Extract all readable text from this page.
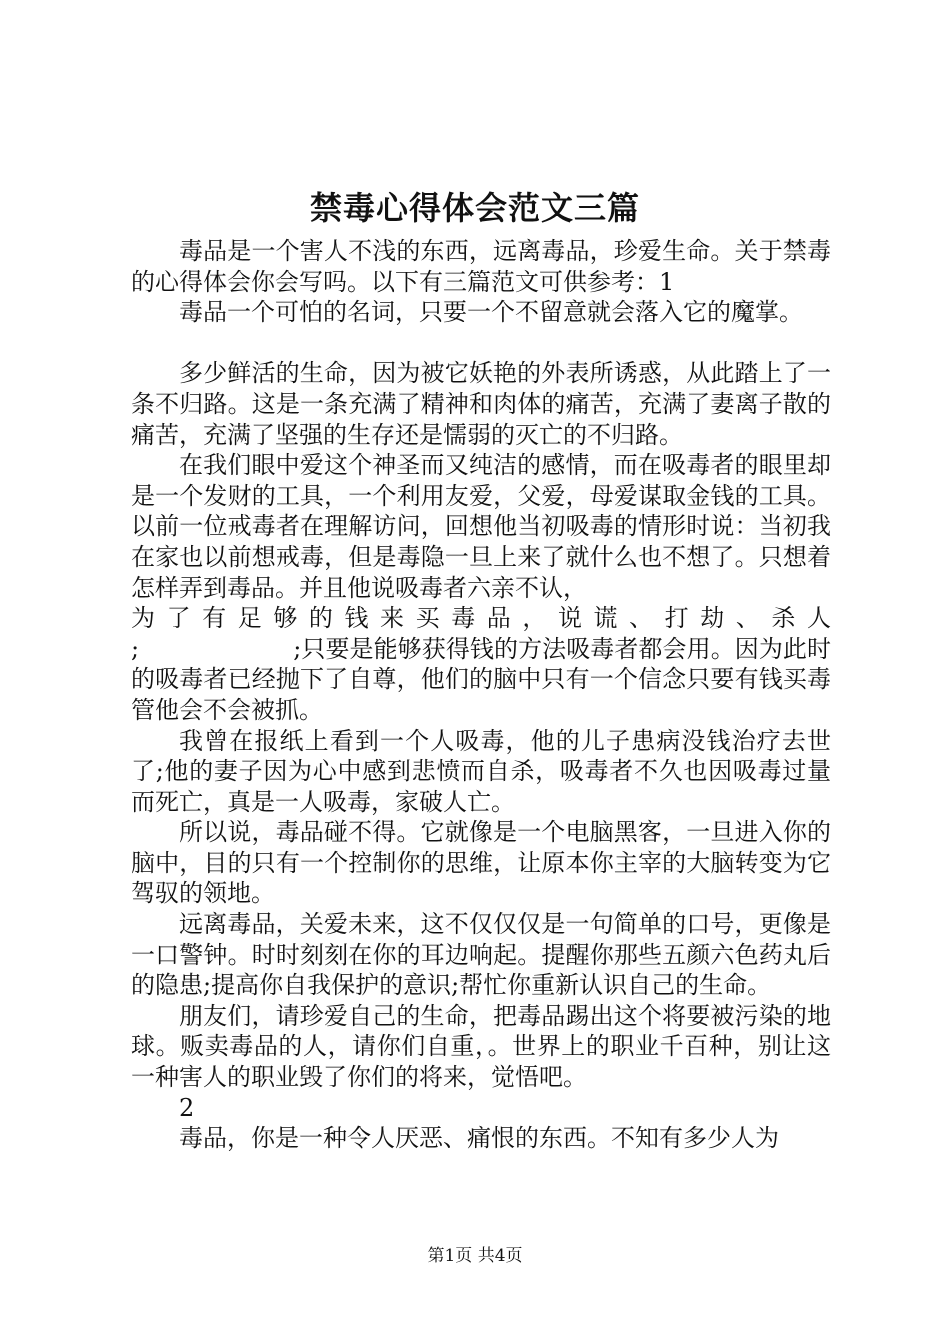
禁毒心得体会范文三篇

毒品是一个害人不浅的东西，远离毒品，珍爱生命。关于禁毒的心得体会你会写吗。以下有三篇范文可供参考：1

毒品一个可怕的名词，只要一个不留意就会落入它的魔掌。

多少鲜活的生命，因为被它妖艳的外表所诱惑，从此踏上了一条不归路。这是一条充满了精神和肉体的痛苦，充满了妻离子散的痛苦，充满了坚强的生存还是懦弱的灭亡的不归路。

在我们眼中爱这个神圣而又纯洁的感情，而在吸毒者的眼里却是一个发财的工具，一个利用友爱，父爱，母爱谋取金钱的工具。以前一位戒毒者在理解访问，回想他当初吸毒的情形时说：当初我在家也以前想戒毒，但是毒隐一旦上来了就什么也不想了。只想着怎样弄到毒品。并且他说吸毒者六亲不认，

为了有足够的钱来买毒品，说谎、打劫、杀人

;                    ;只要是能够获得钱的方法吸毒者都会用。因为此时的吸毒者已经抛下了自尊，他们的脑中只有一个信念只要有钱买毒管他会不会被抓。

我曾在报纸上看到一个人吸毒，他的儿子患病没钱治疗去世了;他的妻子因为心中感到悲愤而自杀，吸毒者不久也因吸毒过量而死亡，真是一人吸毒，家破人亡。

所以说，毒品碰不得。它就像是一个电脑黑客，一旦进入你的脑中，目的只有一个控制你的思维，让原本你主宰的大脑转变为它驾驭的领地。

远离毒品，关爱未来，这不仅仅仅是一句简单的口号，更像是一口警钟。时时刻刻在你的耳边响起。提醒你那些五颜六色药丸后的隐患;提高你自我保护的意识;帮忙你重新认识自己的生命。

朋友们，请珍爱自己的生命，把毒品踢出这个将要被污染的地球。贩卖毒品的人，请你们自重，。世界上的职业千百种，别让这一种害人的职业毁了你们的将来，觉悟吧。

2

毒品，你是一种令人厌恶、痛恨的东西。不知有多少人为

第1页 共4页
